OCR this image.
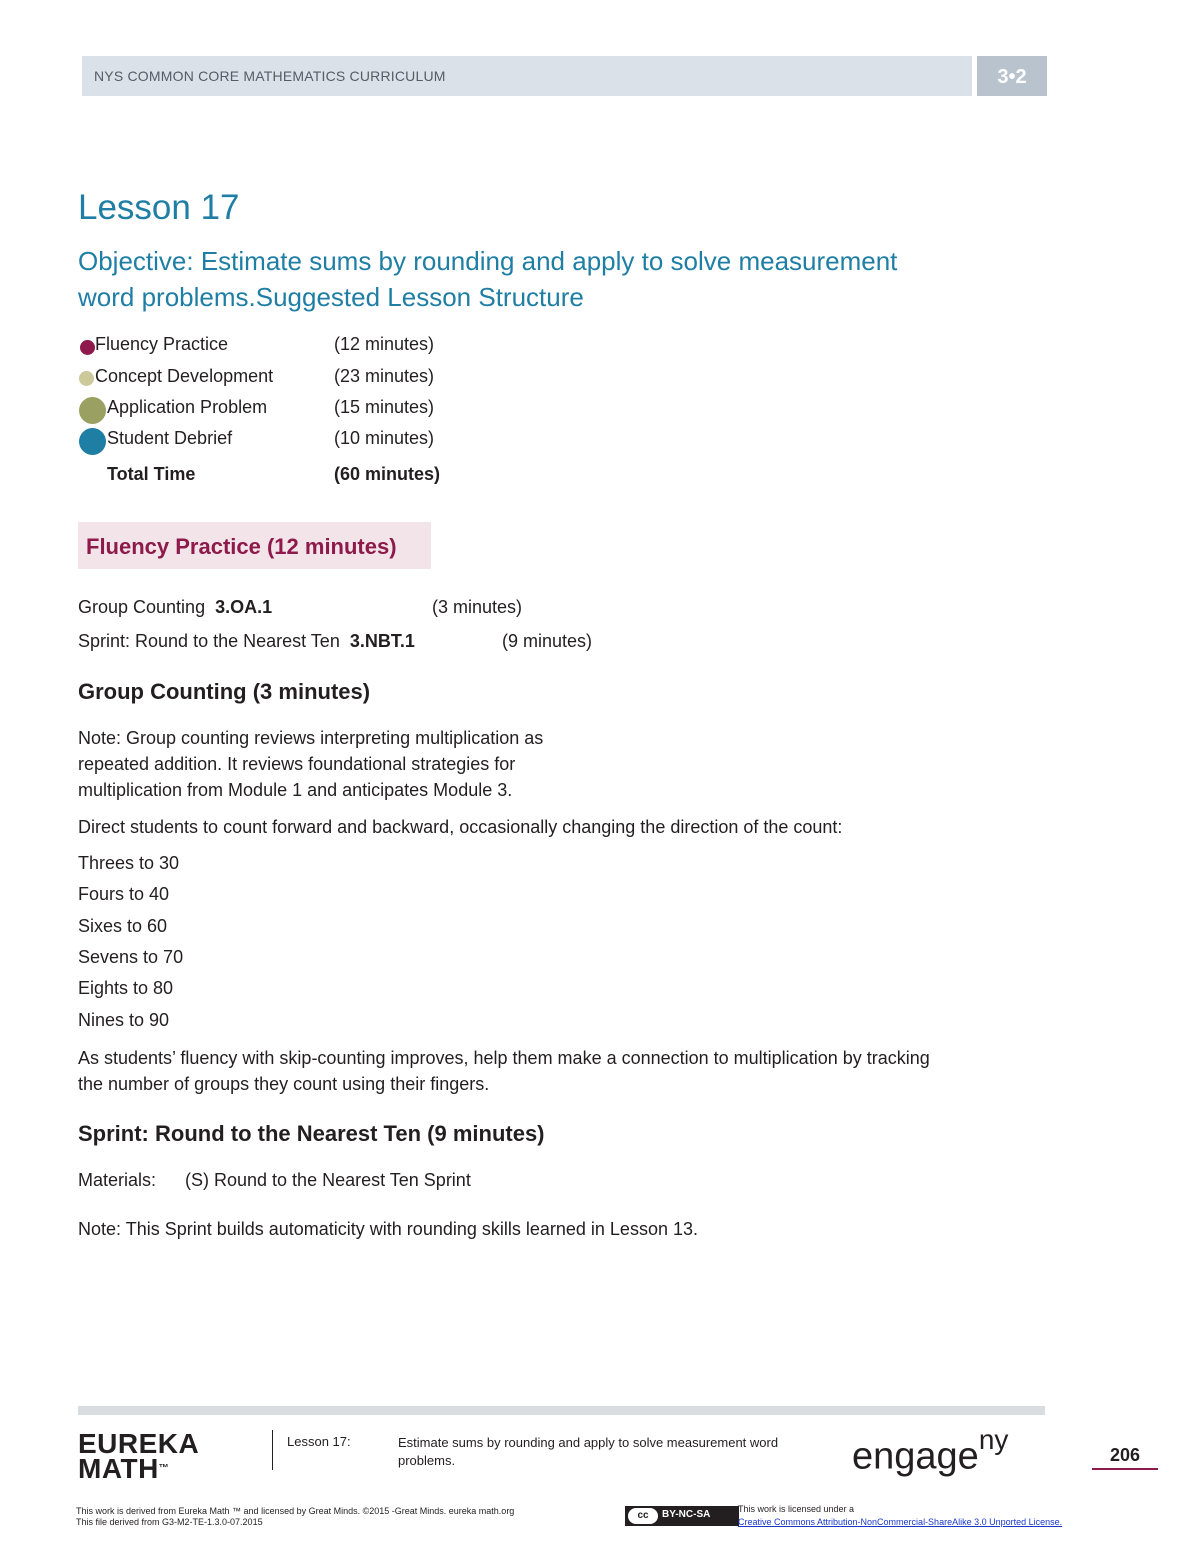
NYS COMMON CORE MATHEMATICS CURRICULUM	3•2
Lesson 17
Objective: Estimate sums by rounding and apply to solve measurement
word problems.Suggested Lesson Structure
Fluency Practice	(12 minutes)
Concept Development	(23 minutes)
Application Problem	(15 minutes)
Student Debrief	(10 minutes)
Total Time	(60 minutes)
Fluency Practice (12 minutes)
Group Counting 3.OA.1	(3 minutes)
Sprint: Round to the Nearest Ten 3.NBT.1	(9 minutes)
Group Counting (3 minutes)
Note: Group counting reviews interpreting multiplication as
repeated addition. It reviews foundational strategies for
multiplication from Module 1 and anticipates Module 3.
Direct students to count forward and backward, occasionally changing the direction of the count:
Threes to 30
Fours to 40
Sixes to 60
Sevens to 70
Eights to 80
Nines to 90
As students’ fluency with skip-counting improves, help them make a connection to multiplication by tracking
the number of groups they count using their fingers.
Sprint: Round to the Nearest Ten (9 minutes)
Materials: (S) Round to the Nearest Ten Sprint
Note: This Sprint builds automaticity with rounding skills learned in Lesson 13.
EUREKA
MATH™
Lesson 17:	Estimate sums by rounding and apply to solve measurement word problems.	engage$^{ny}$	206
This work is derived from Eureka Math ™ and licensed by Great Minds. ©2015 -Great Minds. eureka math.org
This file derived from G3-M2-TE-1.3.0-07.2015
cc	BY-NC-SA	This work is licensed under a
Creative Commons Attribution-NonCommercial-ShareAlike 3.0 Unported License.
